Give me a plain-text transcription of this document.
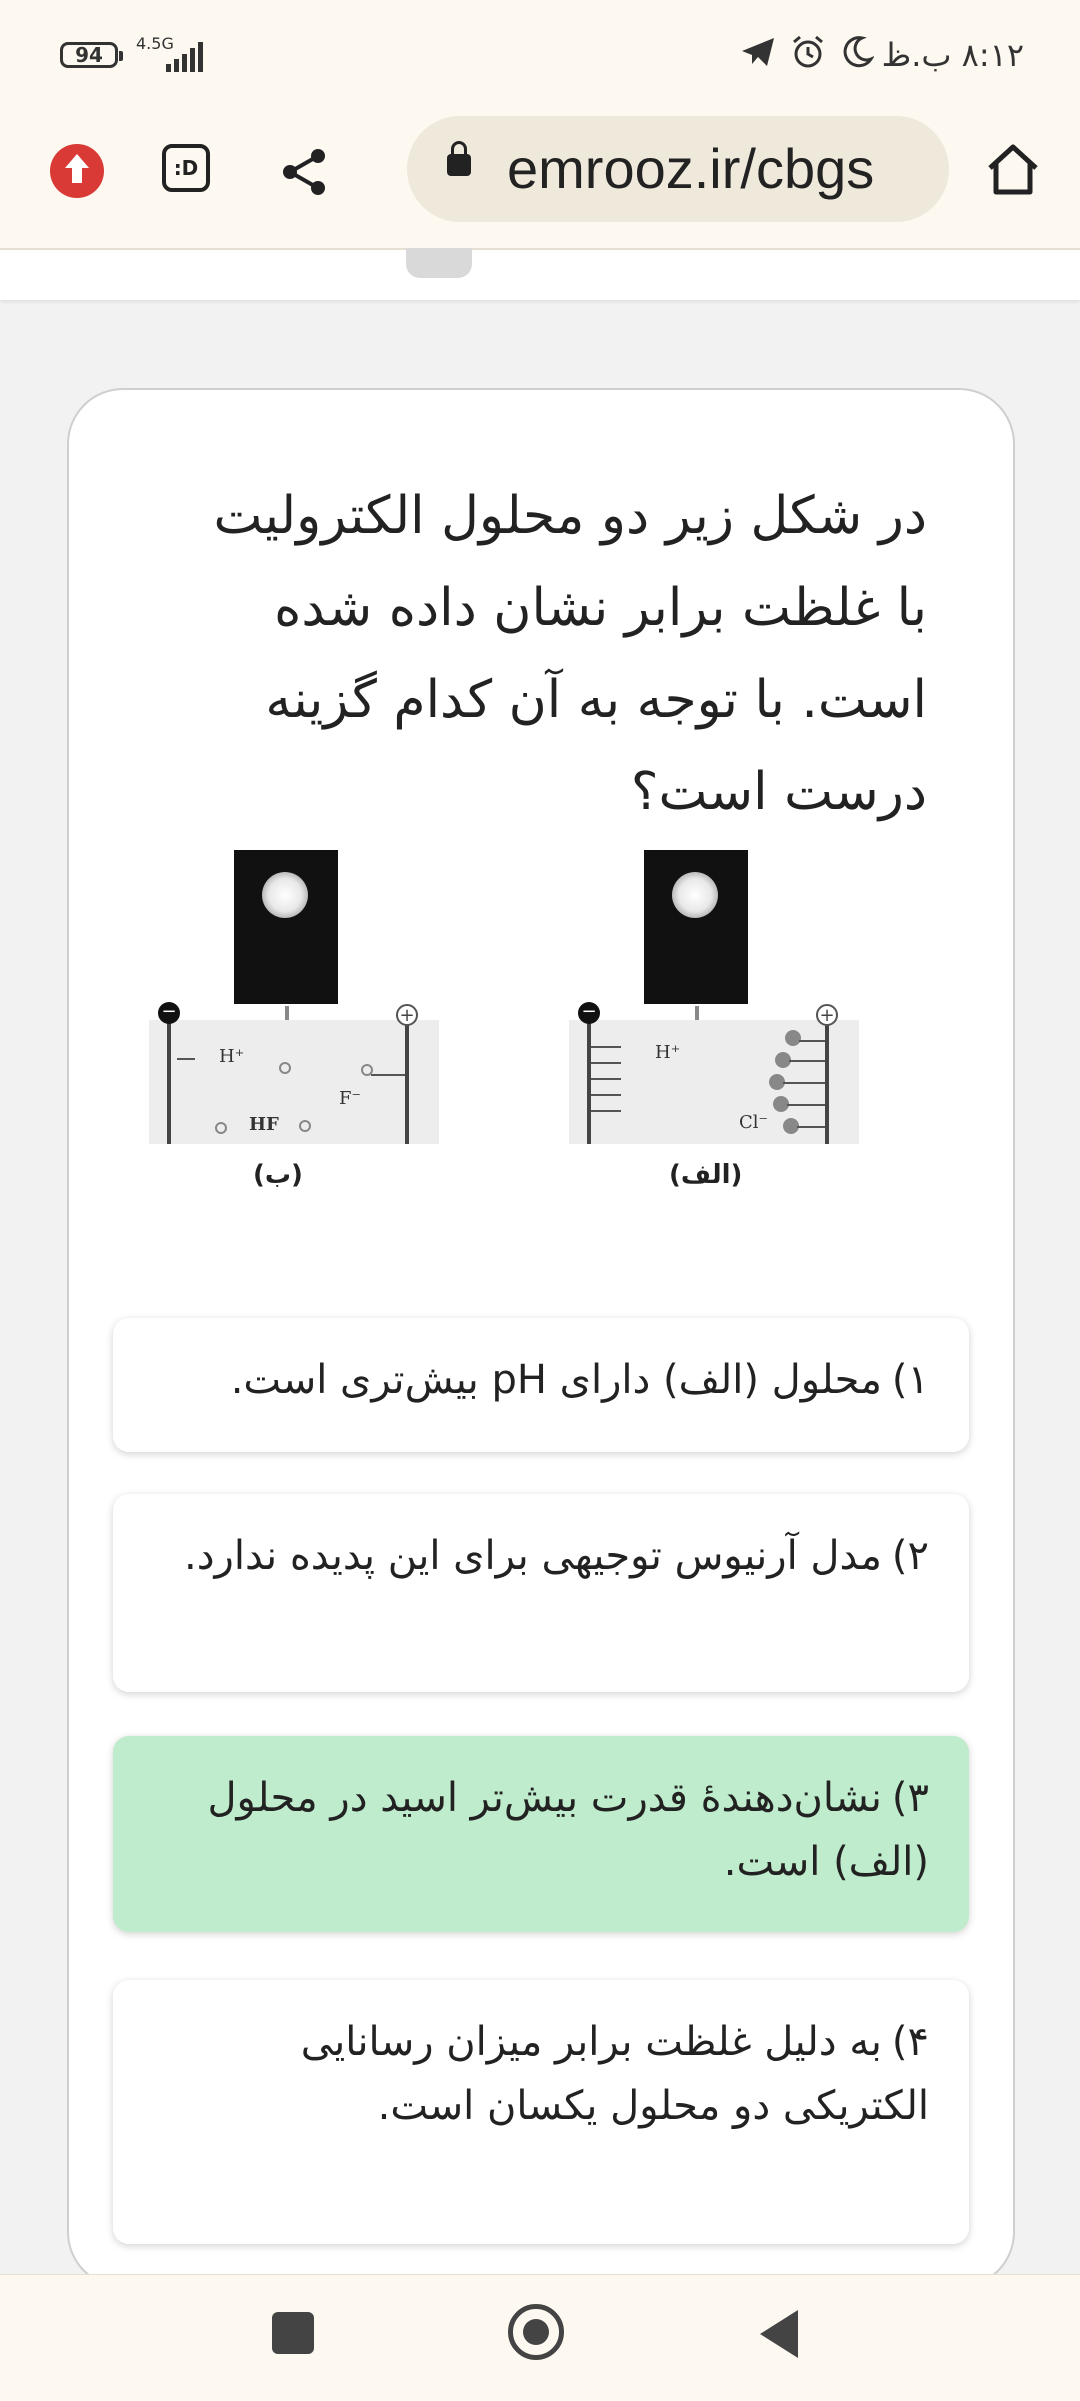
94	4.5G	۸:۱۲ ب.ظ
:D	emrooz.ir/cbgs
در شکل زیر دو محلول الکترولیت با غلظت برابر نشان داده شده است. با توجه به آن کدام گزینه درست است؟
−	+
H⁺
F⁻
HF
(ب)
−	+
H⁺
Cl⁻
(الف)
۱)محلول (الف) دارای pH بیش‌تری است.
۲)مدل آرنیوس توجیهی برای این پدیده ندارد.
۳)نشان‌دهندهٔ قدرت بیش‌تر اسید در محلول (الف) است.
۴)به دلیل غلظت برابر میزان رسانایی الکتریکی دو محلول یکسان است.
